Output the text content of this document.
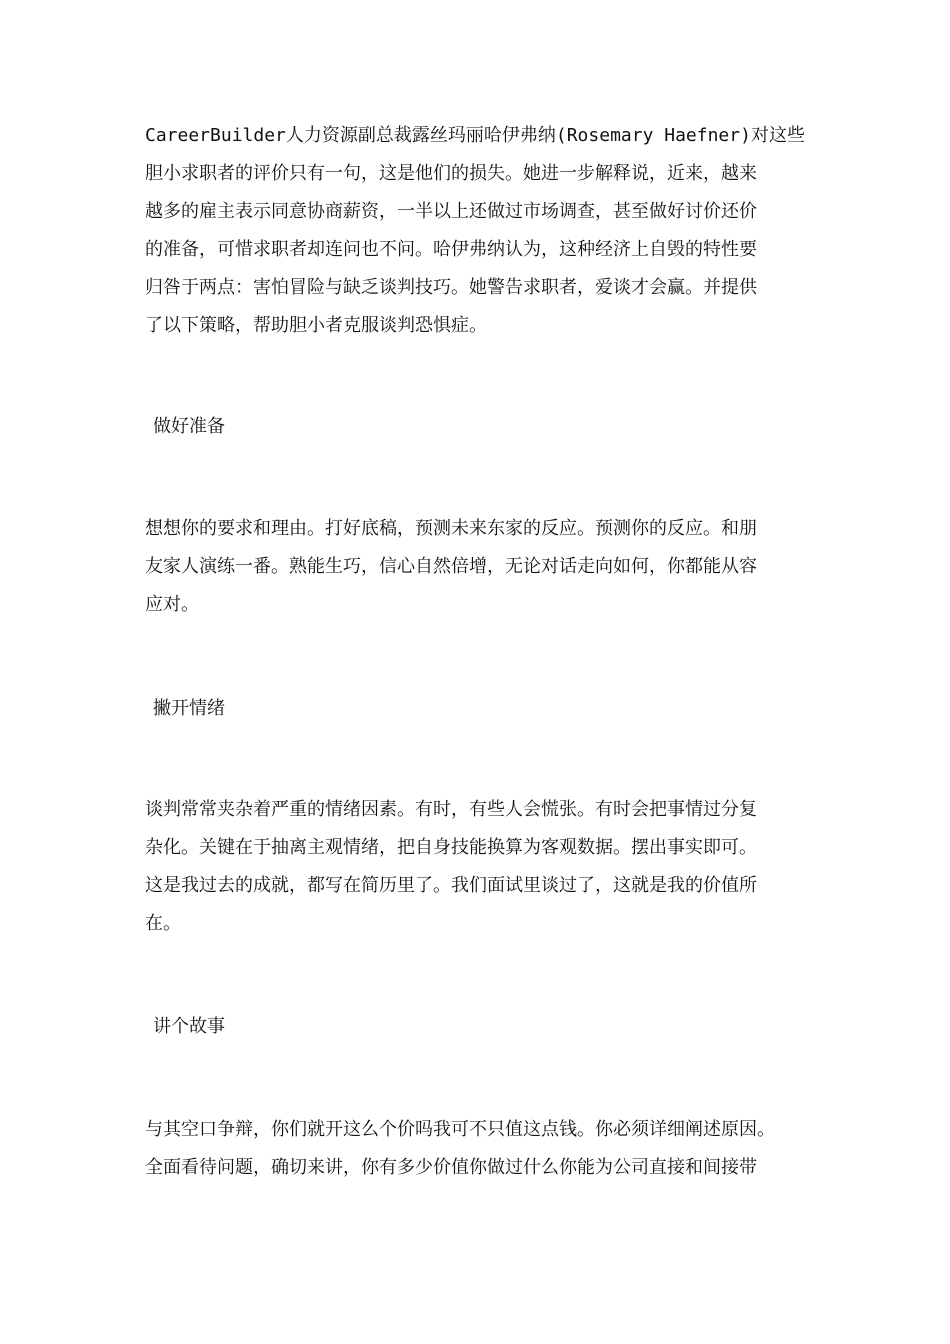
CareerBuilder人力资源副总裁露丝玛丽哈伊弗纳(Rosemary Haefner)对这些
胆小求职者的评价只有一句，这是他们的损失。她进一步解释说，近来，越来
越多的雇主表示同意协商薪资，一半以上还做过市场调查，甚至做好讨价还价
的准备，可惜求职者却连问也不问。哈伊弗纳认为，这种经济上自毁的特性要
归咎于两点：害怕冒险与缺乏谈判技巧。她警告求职者，爱谈才会赢。并提供
了以下策略，帮助胆小者克服谈判恐惧症。
做好准备
想想你的要求和理由。打好底稿，预测未来东家的反应。预测你的反应。和朋
友家人演练一番。熟能生巧，信心自然倍增，无论对话走向如何，你都能从容
应对。
撇开情绪
谈判常常夹杂着严重的情绪因素。有时，有些人会慌张。有时会把事情过分复
杂化。关键在于抽离主观情绪，把自身技能换算为客观数据。摆出事实即可。
这是我过去的成就，都写在简历里了。我们面试里谈过了，这就是我的价值所
在。
讲个故事
与其空口争辩，你们就开这么个价吗我可不只值这点钱。你必须详细阐述原因。
全面看待问题，确切来讲，你有多少价值你做过什么你能为公司直接和间接带
